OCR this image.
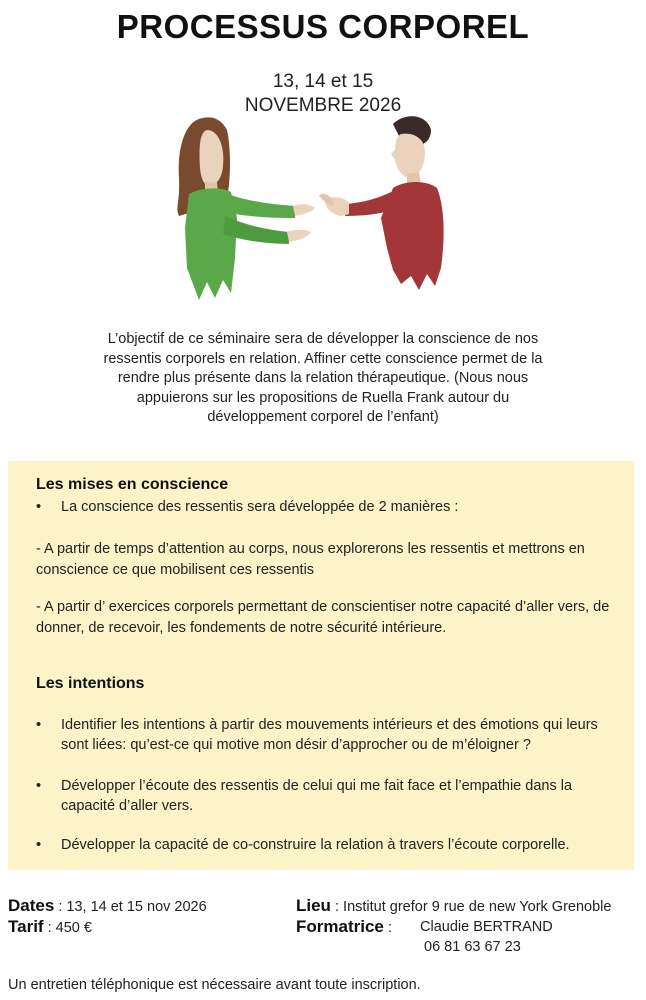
PROCESSUS CORPOREL
13, 14 et 15
NOVEMBRE 2026
L’objectif de ce séminaire sera de développer la conscience de nos
ressentis corporels en relation. Affiner cette conscience permet de la
rendre plus présente dans la relation thérapeutique. (Nous nous
appuierons sur les propositions de Ruella Frank autour du
développement corporel de l’enfant)
Les mises en conscience
• La conscience des ressentis sera développée de 2 manières :
- A partir de temps d’attention au corps, nous explorerons les ressentis et mettrons en conscience ce que mobilisent ces ressentis
- A partir d’ exercices corporels permettant de conscientiser notre capacité d’aller vers, de donner, de recevoir, les fondements de notre sécurité intérieure.
Les intentions
• Identifier les intentions à partir des mouvements intérieurs et des émotions qui leurs sont liées: qu’est-ce qui motive mon désir d’approcher ou de m’éloigner ?
• Développer l’écoute des ressentis de celui qui me fait face et l’empathie dans la capacité d’aller vers.
• Développer la capacité de co-construire la relation à travers l’écoute corporelle.
Dates : 13, 14 et 15 nov 2026
Tarif : 450 €
Lieu : Institut grefor 9 rue de new York Grenoble
Formatrice : Claudie BERTRAND
06 81 63 67 23
Un entretien téléphonique est nécessaire avant toute inscription.
